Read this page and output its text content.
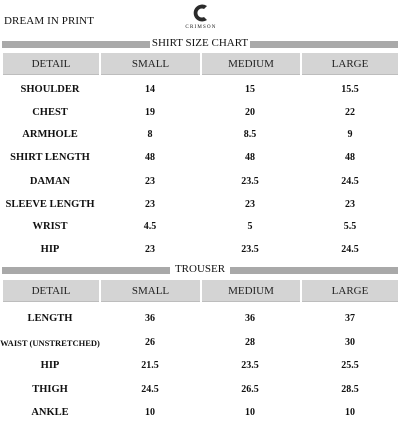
DREAM IN PRINT
CRIMSON
SHIRT SIZE CHART
DETAIL	SMALL	MEDIUM	LARGE
SHOULDER	14	15	15.5
CHEST	19	20	22
ARMHOLE	8	8.5	9
SHIRT LENGTH	48	48	48
DAMAN	23	23.5	24.5
SLEEVE LENGTH	23	23	23
WRIST	4.5	5	5.5
HIP	23	23.5	24.5
TROUSER
DETAIL	SMALL	MEDIUM	LARGE
LENGTH	36	36	37
WAIST (UNSTRETCHED)	26	28	30
HIP	21.5	23.5	25.5
THIGH	24.5	26.5	28.5
ANKLE	10	10	10
